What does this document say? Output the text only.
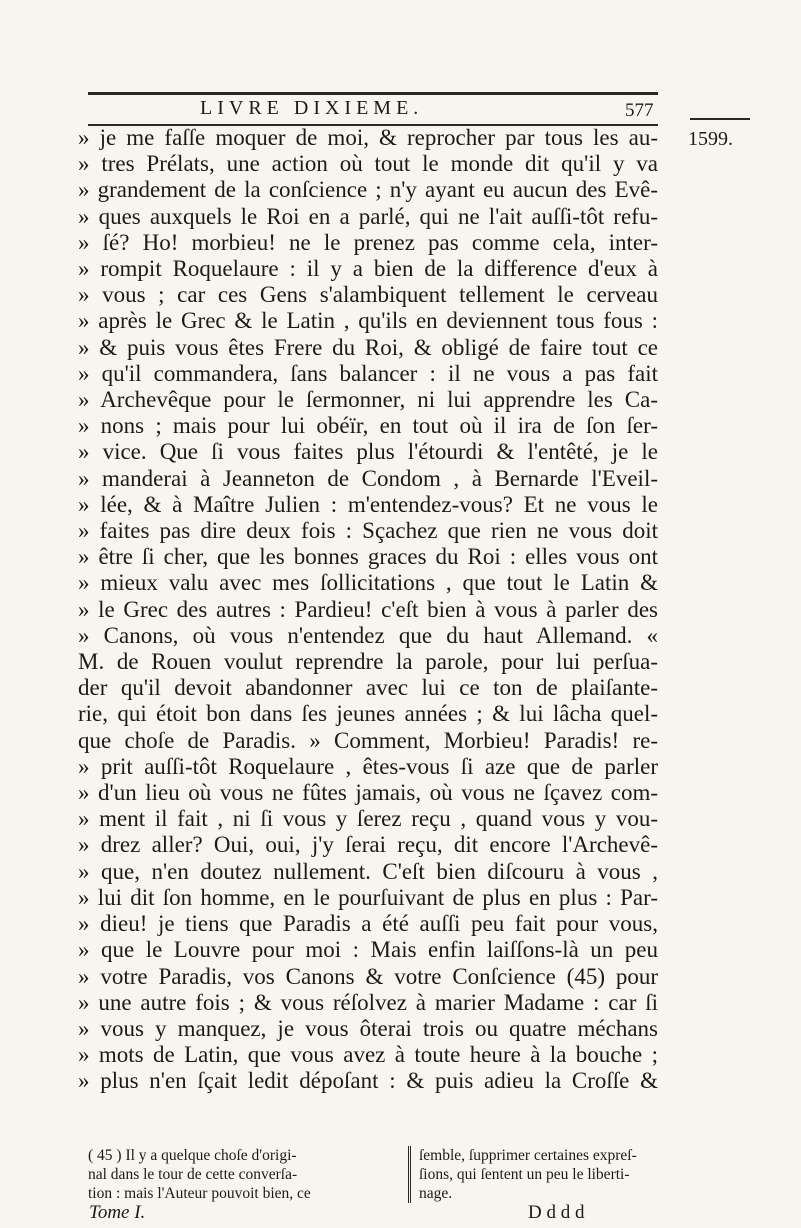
LIVRE DIXIEME.	577
1599.
» je me faſſe moquer de moi, & reprocher par tous les au-
» tres Prélats, une action où tout le monde dit qu'il y va
» grandement de la conſcience ; n'y ayant eu aucun des Evê-
» ques auxquels le Roi en a parlé, qui ne l'ait auſſi-tôt refu-
» ſé? Ho! morbieu! ne le prenez pas comme cela, inter-
» rompit Roquelaure : il y a bien de la difference d'eux à
» vous ; car ces Gens s'alambiquent tellement le cerveau
» après le Grec & le Latin , qu'ils en deviennent tous fous :
» & puis vous êtes Frere du Roi, & obligé de faire tout ce
» qu'il commandera, ſans balancer : il ne vous a pas fait
» Archevêque pour le ſermonner, ni lui apprendre les Ca-
» nons ; mais pour lui obéïr, en tout où il ira de ſon ſer-
» vice. Que ſi vous faites plus l'étourdi & l'entêté, je le
» manderai à Jeanneton de Condom , à Bernarde l'Eveil-
» lée, & à Maître Julien : m'entendez-vous? Et ne vous le
» faites pas dire deux fois : Sçachez que rien ne vous doit
» être ſi cher, que les bonnes graces du Roi : elles vous ont
» mieux valu avec mes ſollicitations , que tout le Latin &
» le Grec des autres : Pardieu! c'eſt bien à vous à parler des
» Canons, où vous n'entendez que du haut Allemand. «
M. de Rouen voulut reprendre la parole, pour lui perſua-
der qu'il devoit abandonner avec lui ce ton de plaiſante-
rie, qui étoit bon dans ſes jeunes années ; & lui lâcha quel-
que choſe de Paradis. » Comment, Morbieu! Paradis! re-
» prit auſſi-tôt Roquelaure , êtes-vous ſi aze que de parler
» d'un lieu où vous ne fûtes jamais, où vous ne ſçavez com-
» ment il fait , ni ſi vous y ſerez reçu , quand vous y vou-
» drez aller? Oui, oui, j'y ſerai reçu, dit encore l'Archevê-
» que, n'en doutez nullement. C'eſt bien diſcouru à vous ,
» lui dit ſon homme, en le pourſuivant de plus en plus : Par-
» dieu! je tiens que Paradis a été auſſi peu fait pour vous,
» que le Louvre pour moi : Mais enfin laiſſons-là un peu
» votre Paradis, vos Canons & votre Conſcience (45) pour
» une autre fois ; & vous réſolvez à marier Madame : car ſi
» vous y manquez, je vous ôterai trois ou quatre méchans
» mots de Latin, que vous avez à toute heure à la bouche ;
» plus n'en ſçait ledit dépoſant : & puis adieu la Croſſe &
( 45 ) Il y a quelque choſe d'origi-
nal dans le tour de cette converſa-
tion : mais l'Auteur pouvoit bien, ce
ſemble, ſupprimer certaines expreſ-
ſions, qui ſentent un peu le liberti-
nage.
Tome I.	D d d d
